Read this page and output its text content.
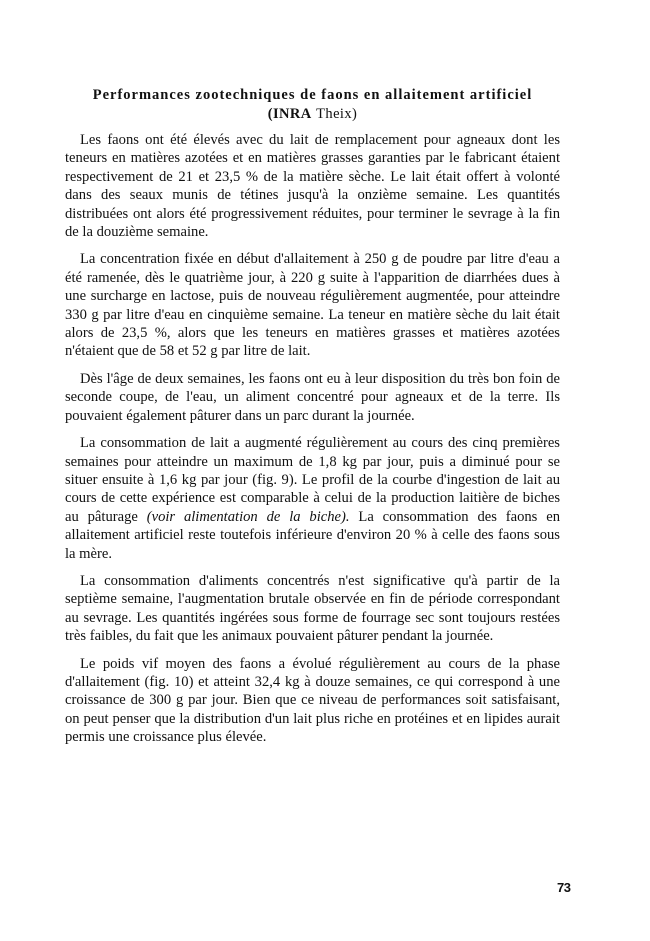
Performances zootechniques de faons en allaitement artificiel
(INRA Theix)

Les faons ont été élevés avec du lait de remplacement pour agneaux dont les teneurs en matières azotées et en matières grasses garanties par le fabricant étaient respectivement de 21 et 23,5 % de la matière sèche. Le lait était offert à volonté dans des seaux munis de tétines jusqu'à la onzième semaine. Les quantités distribuées ont alors été progressivement réduites, pour terminer le sevrage à la fin de la douzième semaine.

La concentration fixée en début d'allaitement à 250 g de poudre par litre d'eau a été ramenée, dès le quatrième jour, à 220 g suite à l'apparition de diarrhées dues à une surcharge en lactose, puis de nouveau régulièrement augmentée, pour atteindre 330 g par litre d'eau en cinquième semaine. La teneur en matière sèche du lait était alors de 23,5 %, alors que les teneurs en matières grasses et matières azotées n'étaient que de 58 et 52 g par litre de lait.

Dès l'âge de deux semaines, les faons ont eu à leur disposition du très bon foin de seconde coupe, de l'eau, un aliment concentré pour agneaux et de la terre. Ils pouvaient également pâturer dans un parc durant la journée.

La consommation de lait a augmenté régulièrement au cours des cinq premières semaines pour atteindre un maximum de 1,8 kg par jour, puis a diminué pour se situer ensuite à 1,6 kg par jour (fig. 9). Le profil de la courbe d'ingestion de lait au cours de cette expérience est comparable à celui de la production laitière de biches au pâturage (voir alimentation de la biche). La consommation des faons en allaitement artificiel reste toutefois inférieure d'environ 20 % à celle des faons sous la mère.

La consommation d'aliments concentrés n'est significative qu'à partir de la septième semaine, l'augmentation brutale observée en fin de période correspondant au sevrage. Les quantités ingérées sous forme de fourrage sec sont toujours restées très faibles, du fait que les animaux pouvaient pâturer pendant la journée.

Le poids vif moyen des faons a évolué régulièrement au cours de la phase d'allaitement (fig. 10) et atteint 32,4 kg à douze semaines, ce qui correspond à une croissance de 300 g par jour. Bien que ce niveau de performances soit satisfaisant, on peut penser que la distribution d'un lait plus riche en protéines et en lipides aurait permis une croissance plus élevée.

73
